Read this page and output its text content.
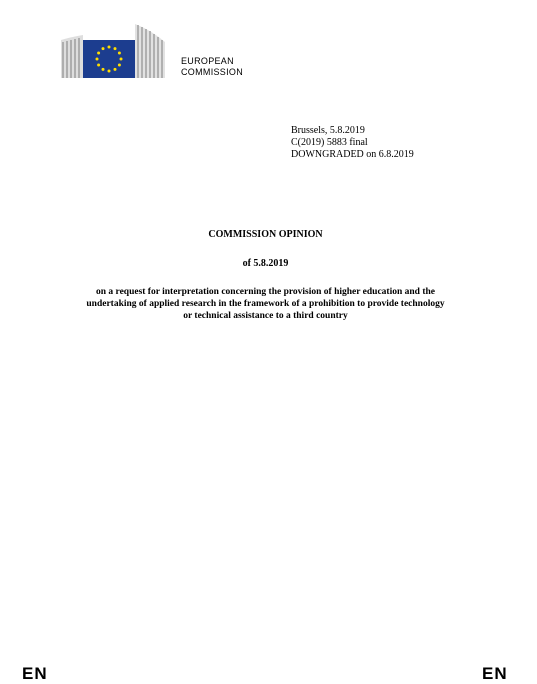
EUROPEAN
COMMISSION
Brussels, 5.8.2019
C(2019) 5883 final
DOWNGRADED on 6.8.2019
COMMISSION OPINION
of 5.8.2019
on a request for interpretation concerning the provision of higher education and the
undertaking of applied research in the framework of a prohibition to provide technology
or technical assistance to a third country
EN	EN
